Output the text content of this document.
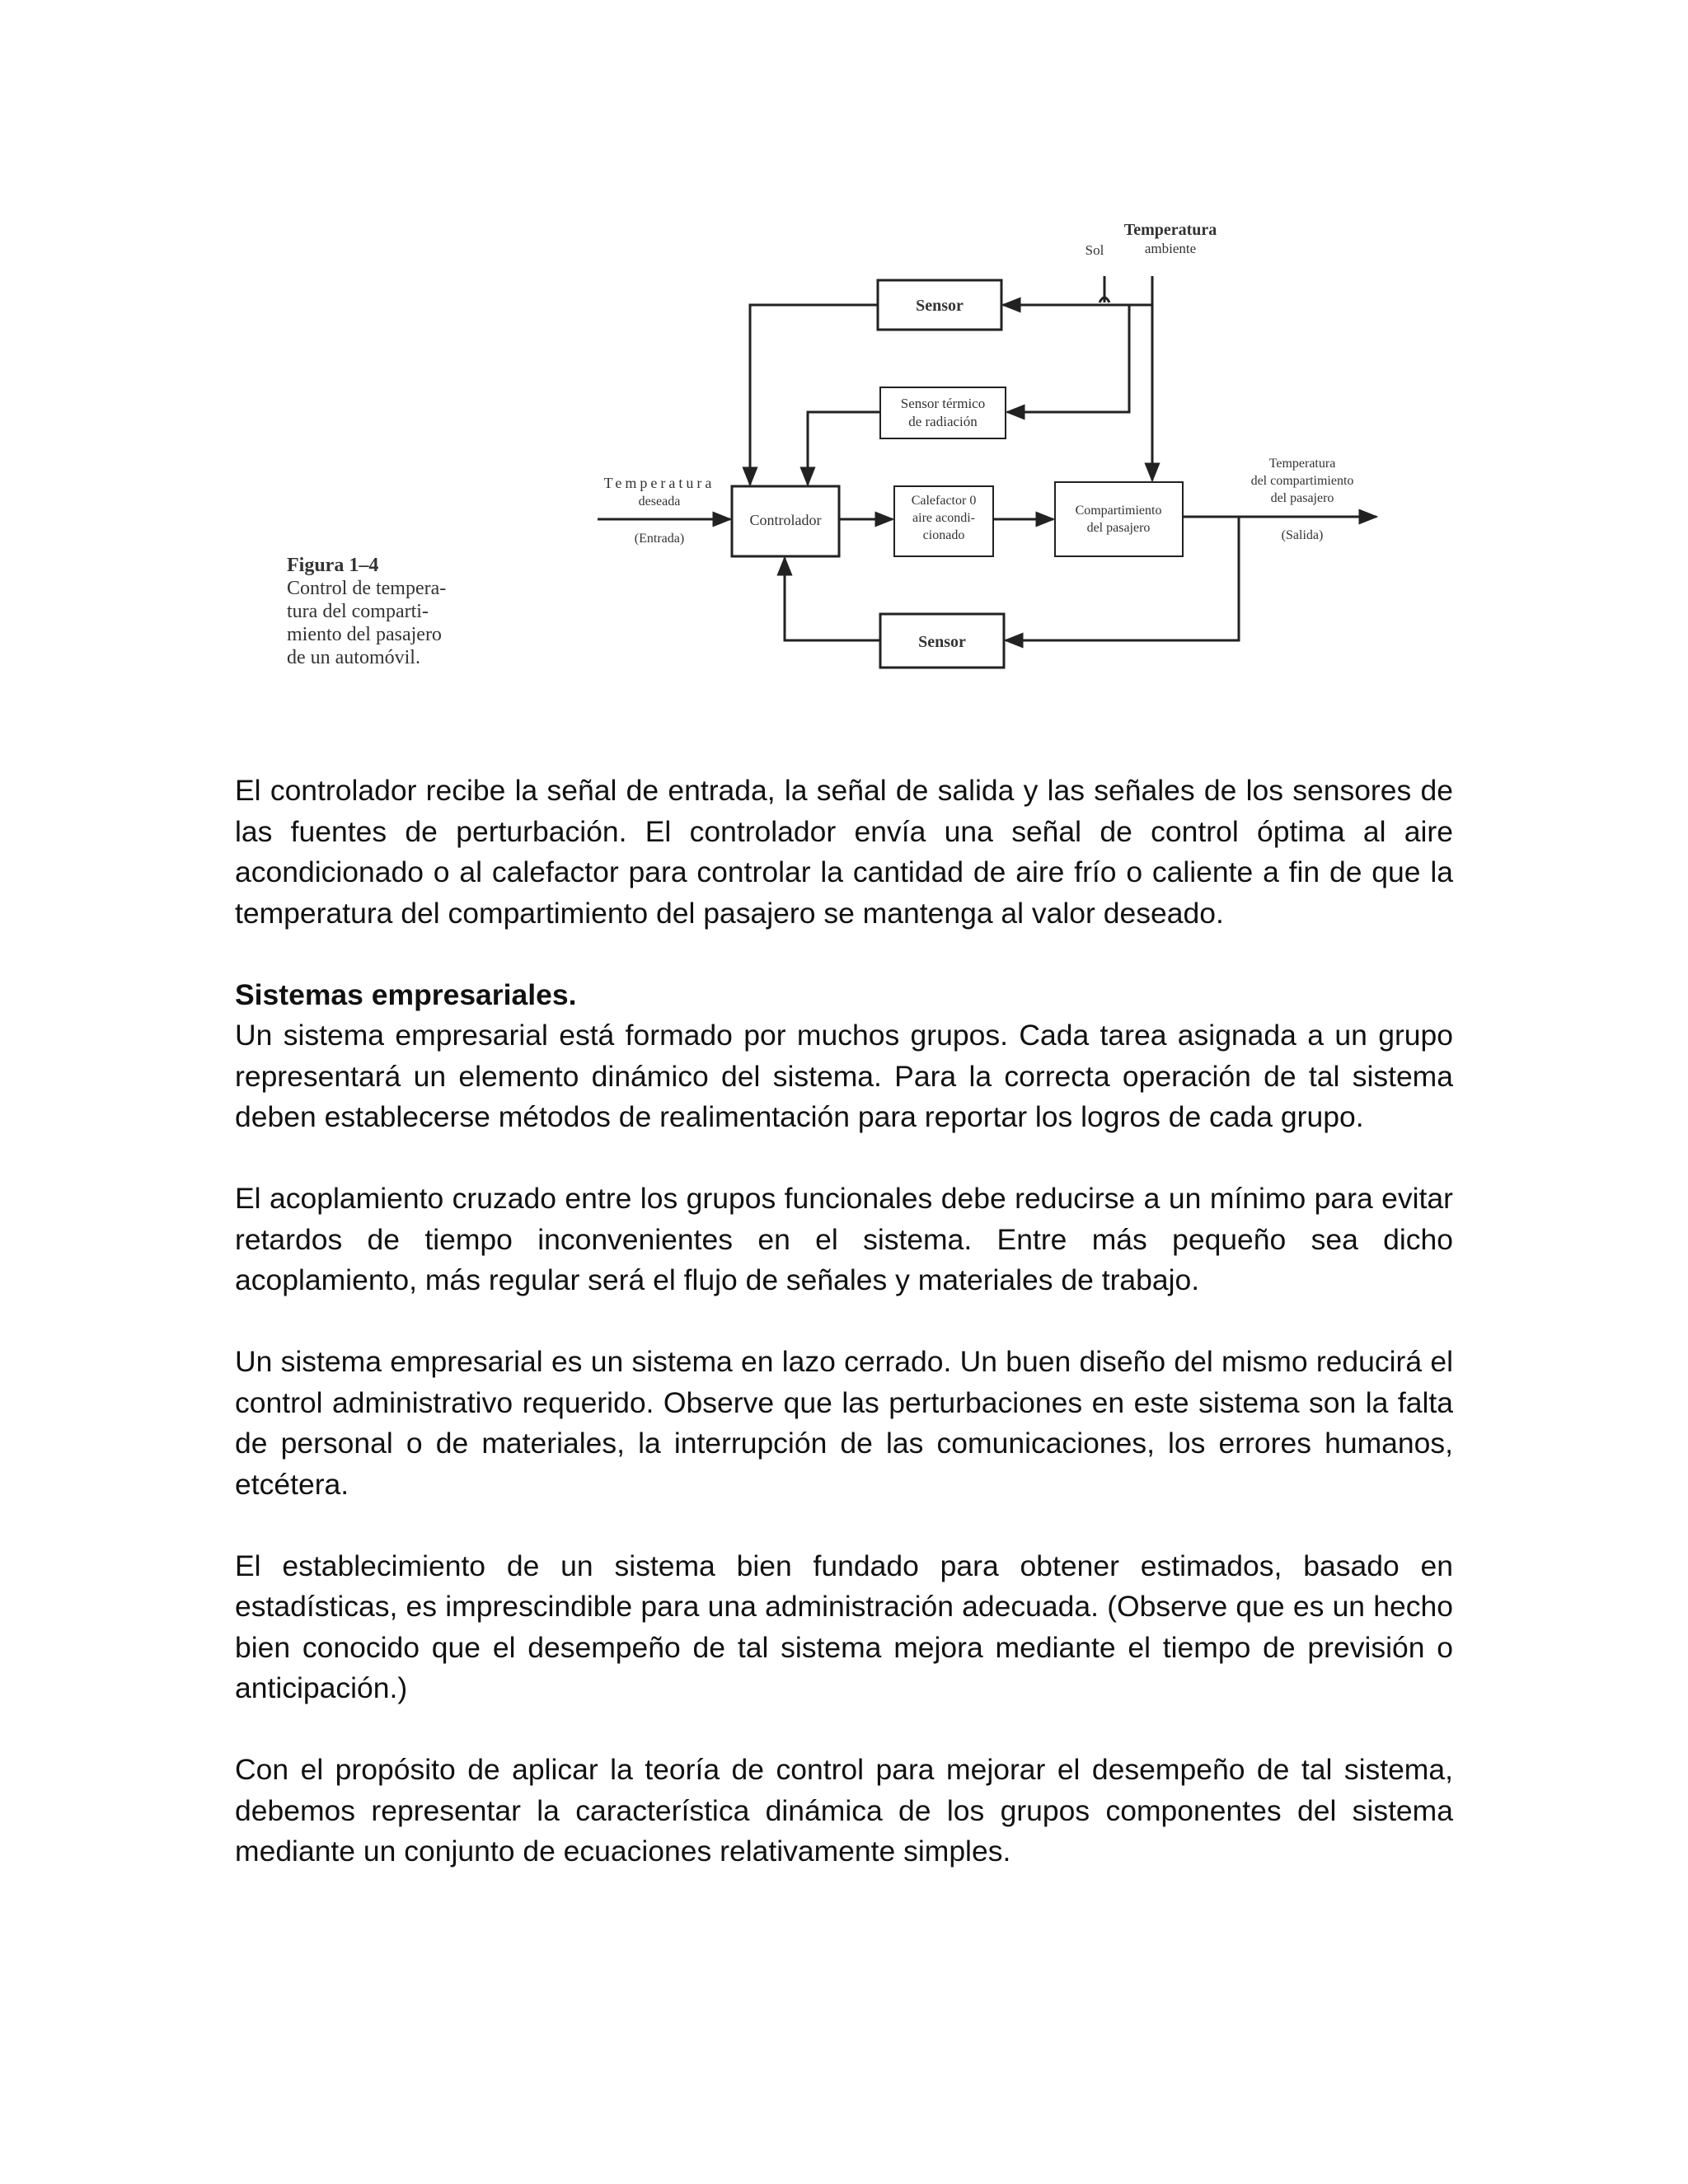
Sensor
Sensor térmico
de radiación
Controlador
Calefactor 0
aire acondi-
cionado
Compartimiento
del pasajero
Sensor
Sol
Temperatura
ambiente
Temperatura
deseada
(Entrada)
Temperatura
del compartimiento
del pasajero
(Salida)
Figura 1–4
Control de tempera-
tura del comparti-
miento del pasajero
de un automóvil.

El controlador recibe la señal de entrada, la señal de salida y las señales de los sensores de las fuentes de perturbación. El controlador envía una señal de control óptima al aire acondicionado o al calefactor para controlar la cantidad de aire frío o caliente a fin de que la temperatura del compartimiento del pasajero se mantenga al valor deseado.

Sistemas empresariales.

Un sistema empresarial está formado por muchos grupos. Cada tarea asignada a un grupo representará un elemento dinámico del sistema. Para la correcta operación de tal sistema deben establecerse métodos de realimentación para reportar los logros de cada grupo.

El acoplamiento cruzado entre los grupos funcionales debe reducirse a un mínimo para evitar retardos de tiempo inconvenientes en el sistema. Entre más pequeño sea dicho acoplamiento, más regular será el flujo de señales y materiales de trabajo.

Un sistema empresarial es un sistema en lazo cerrado. Un buen diseño del mismo reducirá el control administrativo requerido. Observe que las perturbaciones en este sistema son la falta de personal o de materiales, la interrupción de las comunicaciones, los errores humanos, etcétera.

El establecimiento de un sistema bien fundado para obtener estimados, basado en estadísticas, es imprescindible para una administración adecuada. (Observe que es un hecho bien conocido que el desempeño de tal sistema mejora mediante el tiempo de previsión o anticipación.)

Con el propósito de aplicar la teoría de control para mejorar el desempeño de tal sistema, debemos representar la característica dinámica de los grupos componentes del sistema mediante un conjunto de ecuaciones relativamente simples.
